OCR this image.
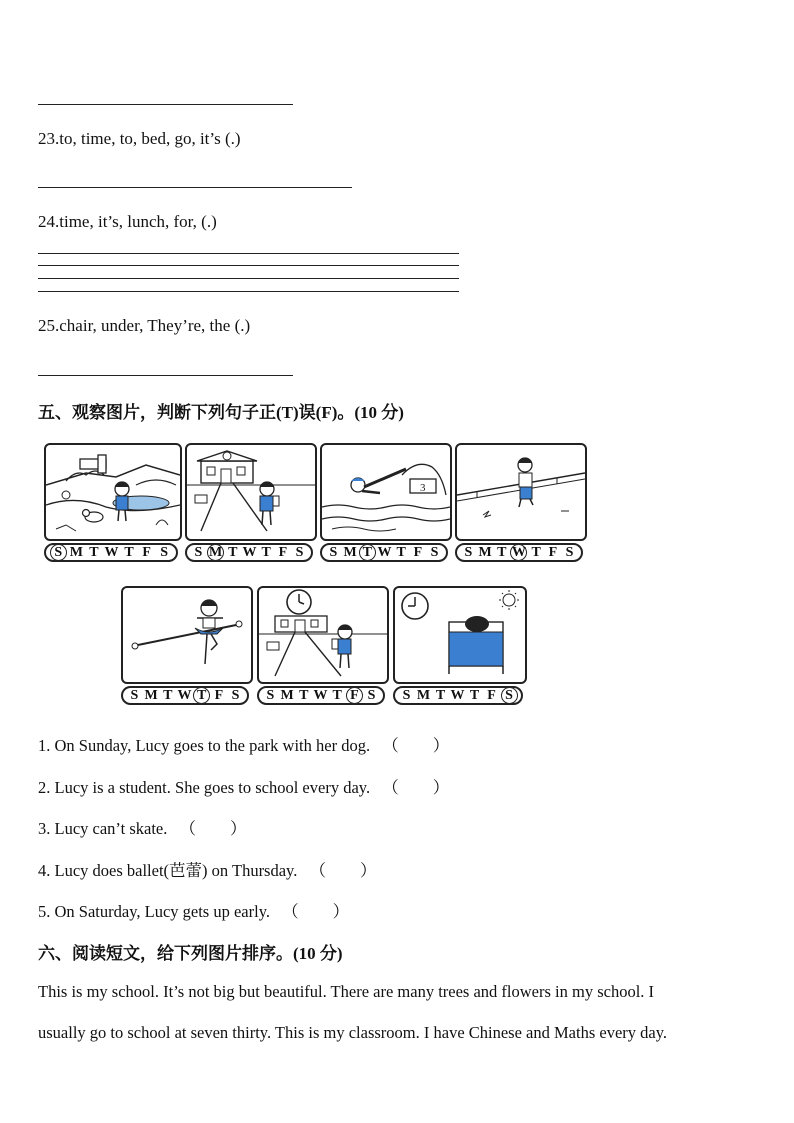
23.to, time, to, bed, go, it’s (.)
24.time, it’s, lunch, for, (.)
25.chair, under, They’re, the (.)
五、观察图片，判断下列句子正(T)误(F)。(10 分)
3
S M T W T F S S M T W T F S S M T W T F S S M T W T F S
S M T W T F S S M T W T F S S M T W T F S
1. On Sunday, Lucy goes to the park with her dog. （ ）
2. Lucy is a student. She goes to school every day. （ ）
3. Lucy can’t skate. （ ）
4. Lucy does ballet(芭蕾) on Thursday. （ ）
5. On Saturday, Lucy gets up early. （ ）
六、阅读短文，给下列图片排序。(10 分)
This is my school. It’s not big but beautiful. There are many trees and flowers in my school. I
usually go to school at seven thirty. This is my classroom. I have Chinese and Maths every day.
